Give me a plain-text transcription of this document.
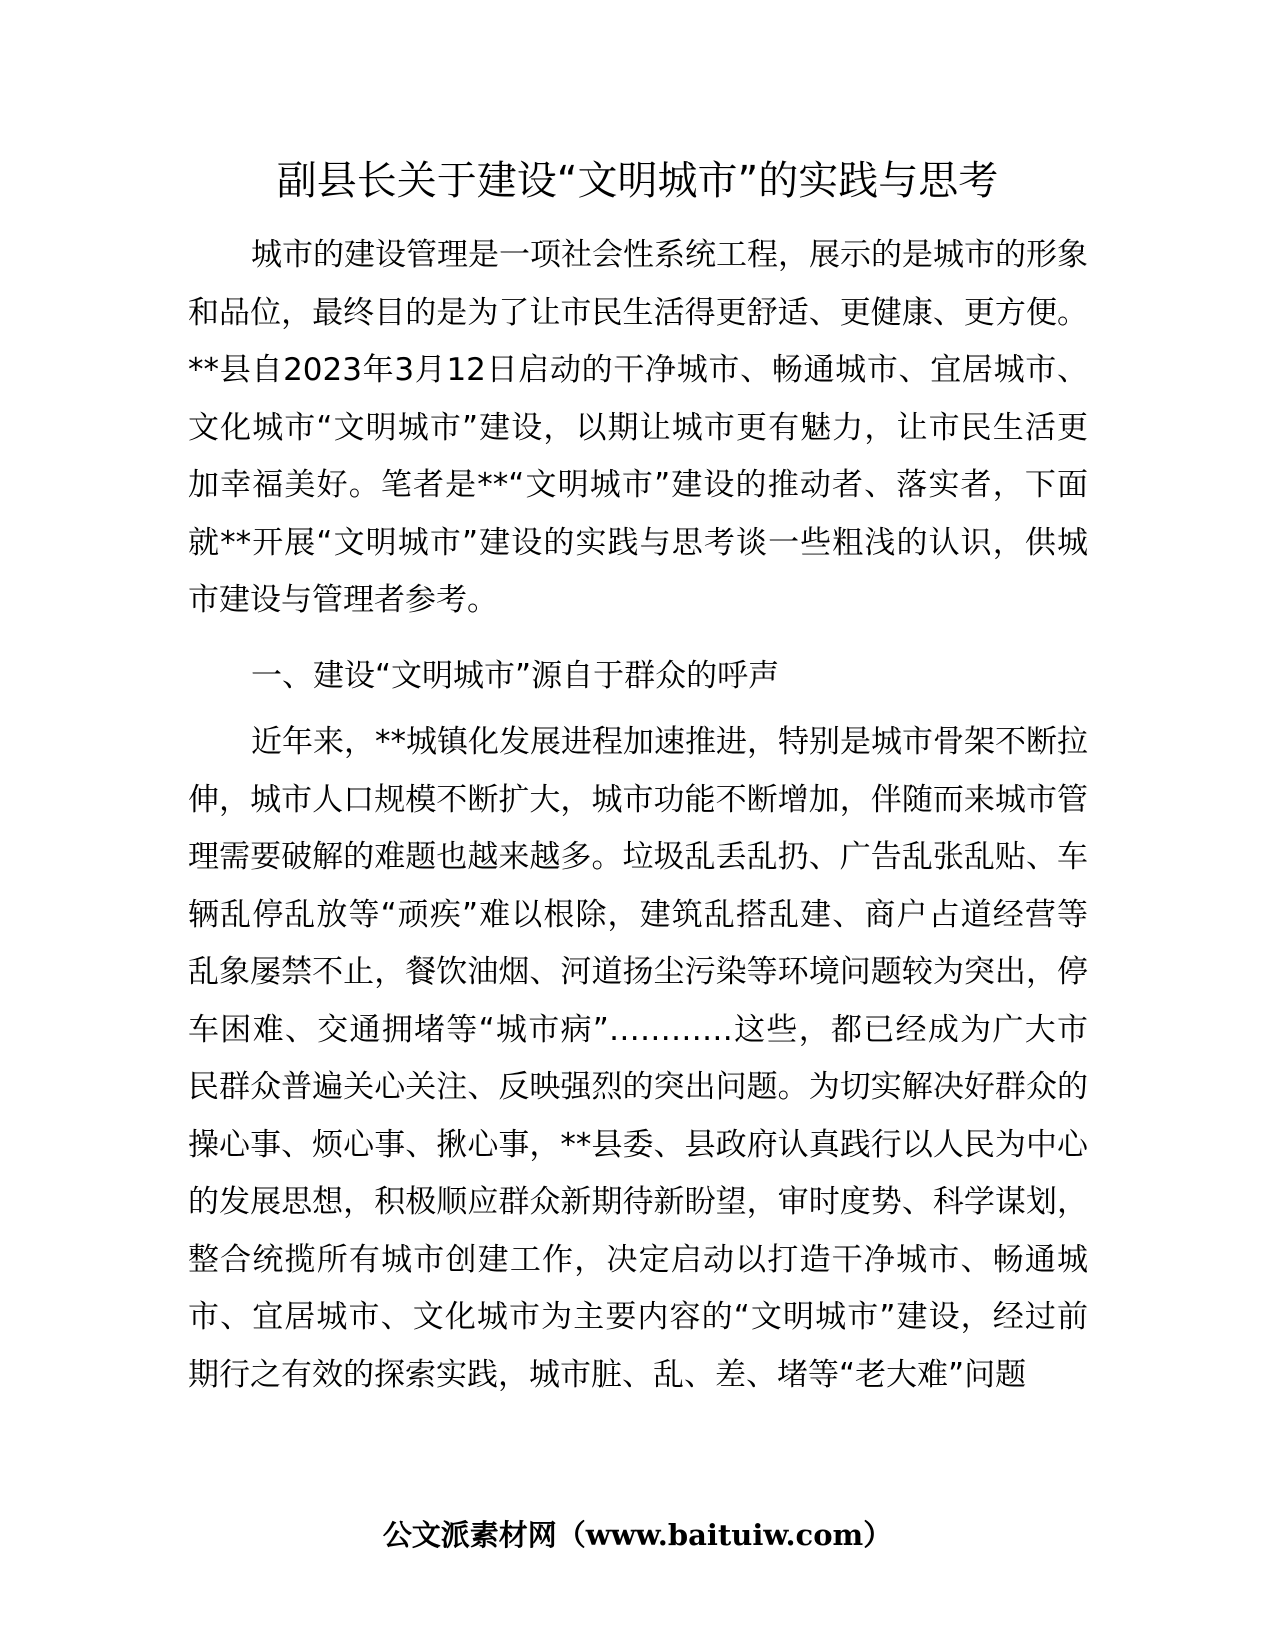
副县长关于建设“文明城市”的实践与思考

城市的建设管理是一项社会性系统工程，展示的是城市的形象和品位，最终目的是为了让市民生活得更舒适、更健康、更方便。**县自2023年3月12日启动的干净城市、畅通城市、宜居城市、文化城市“文明城市”建设，以期让城市更有魅力，让市民生活更加幸福美好。笔者是**“文明城市”建设的推动者、落实者，下面就**开展“文明城市”建设的实践与思考谈一些粗浅的认识，供城市建设与管理者参考。

一、建设“文明城市”源自于群众的呼声

近年来，**城镇化发展进程加速推进，特别是城市骨架不断拉伸，城市人口规模不断扩大，城市功能不断增加，伴随而来城市管理需要破解的难题也越来越多。垃圾乱丢乱扔、广告乱张乱贴、车辆乱停乱放等“顽疾”难以根除，建筑乱搭乱建、商户占道经营等乱象屡禁不止，餐饮油烟、河道扬尘污染等环境问题较为突出，停车困难、交通拥堵等“城市病”…………这些，都已经成为广大市民群众普遍关心关注、反映强烈的突出问题。为切实解决好群众的操心事、烦心事、揪心事，**县委、县政府认真践行以人民为中心的发展思想，积极顺应群众新期待新盼望，审时度势、科学谋划，整合统揽所有城市创建工作，决定启动以打造干净城市、畅通城市、宜居城市、文化城市为主要内容的“文明城市”建设，经过前期行之有效的探索实践，城市脏、乱、差、堵等“老大难”问题

公文派素材网（www.baituiw.com）
